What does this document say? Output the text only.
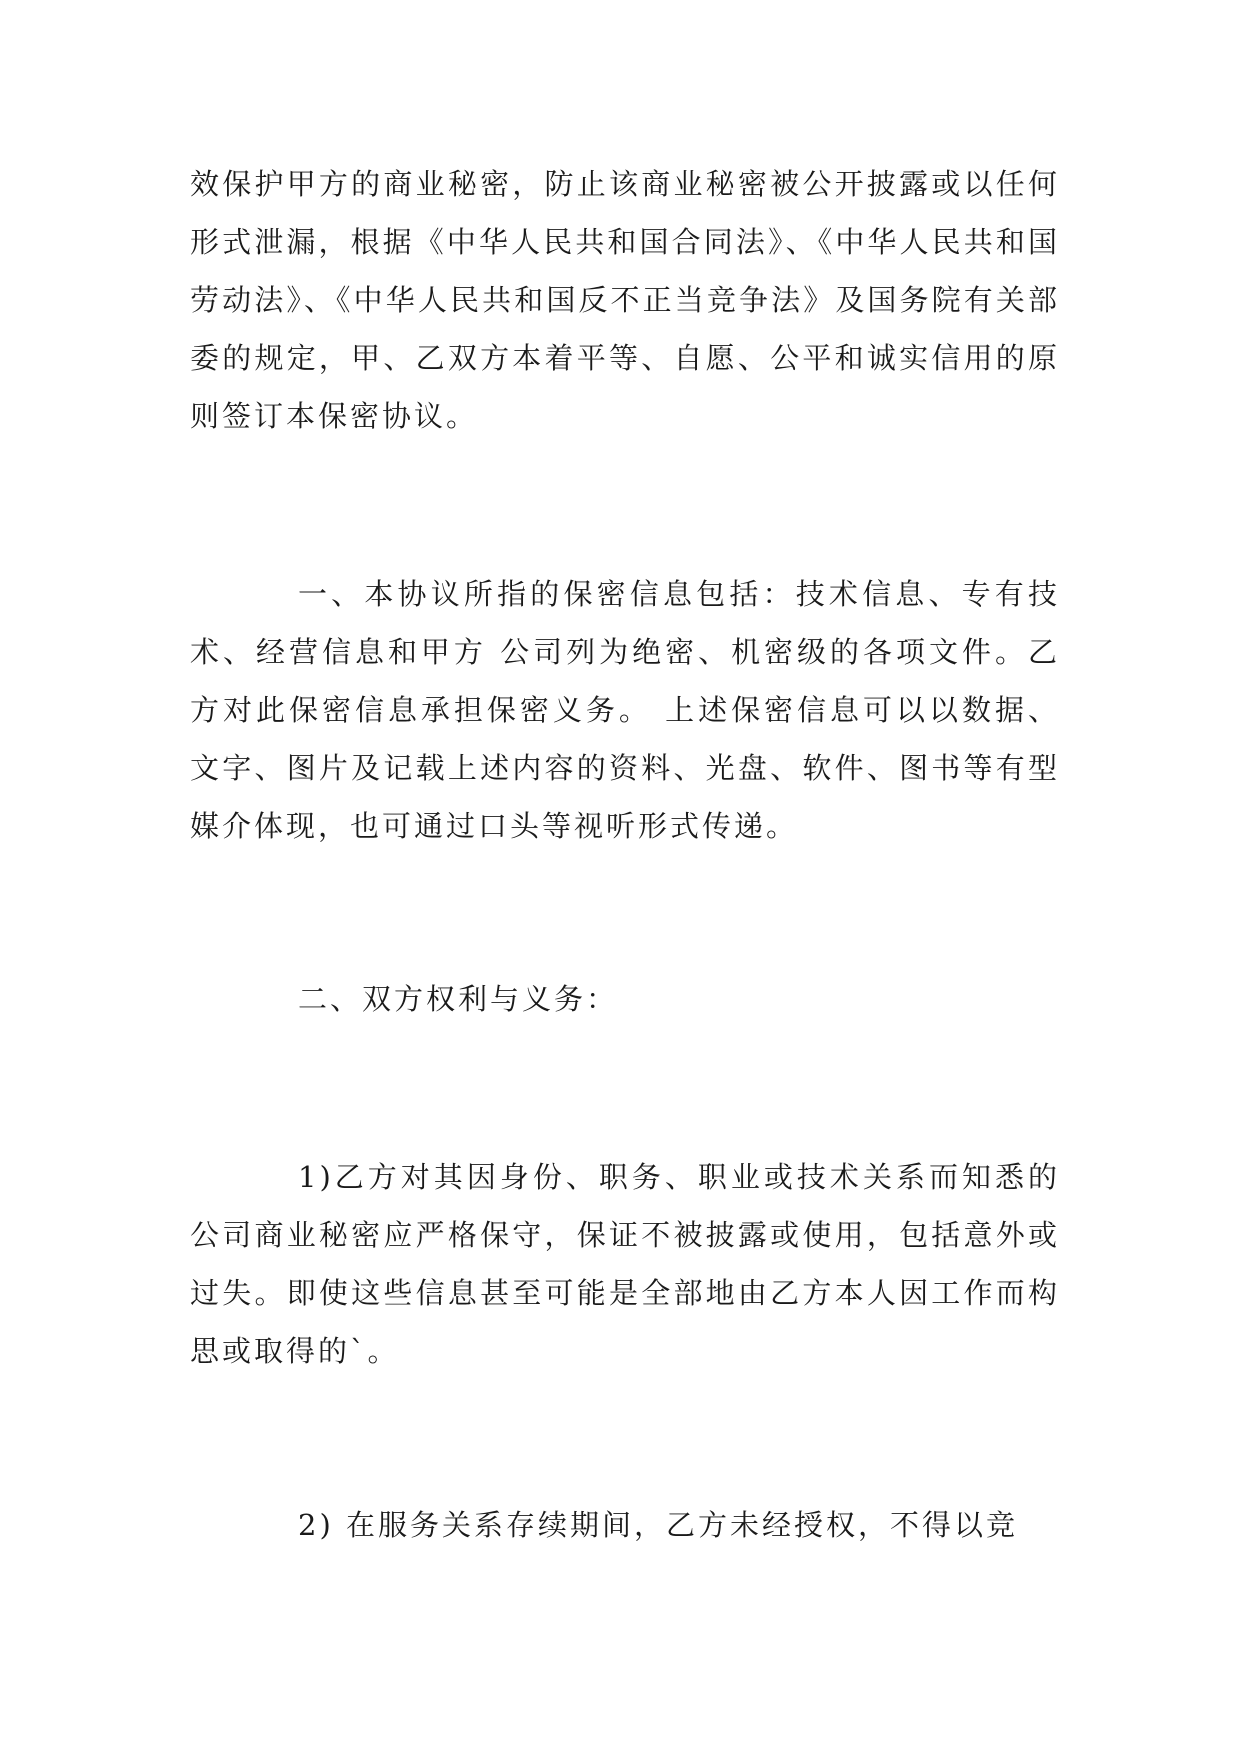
效保护甲方的商业秘密，防止该商业秘密被公开披露或以任何形式泄漏，根据《中华人民共和国合同法》、《中华人民共和国劳动法》、《中华人民共和国反不正当竞争法》及国务院有关部委的规定，甲、乙双方本着平等、自愿、公平和诚实信用的原则签订本保密协议。

一、本协议所指的保密信息包括：技术信息、专有技术、经营信息和甲方 公司列为绝密、机密级的各项文件。乙方对此保密信息承担保密义务。 上述保密信息可以以数据、文字、图片及记载上述内容的资料、光盘、软件、图书等有型媒介体现，也可通过口头等视听形式传递。

二、双方权利与义务：

1)乙方对其因身份、职务、职业或技术关系而知悉的公司商业秘密应严格保守，保证不被披露或使用，包括意外或过失。即使这些信息甚至可能是全部地由乙方本人因工作而构思或取得的`。

2) 在服务关系存续期间，乙方未经授权，不得以竞
